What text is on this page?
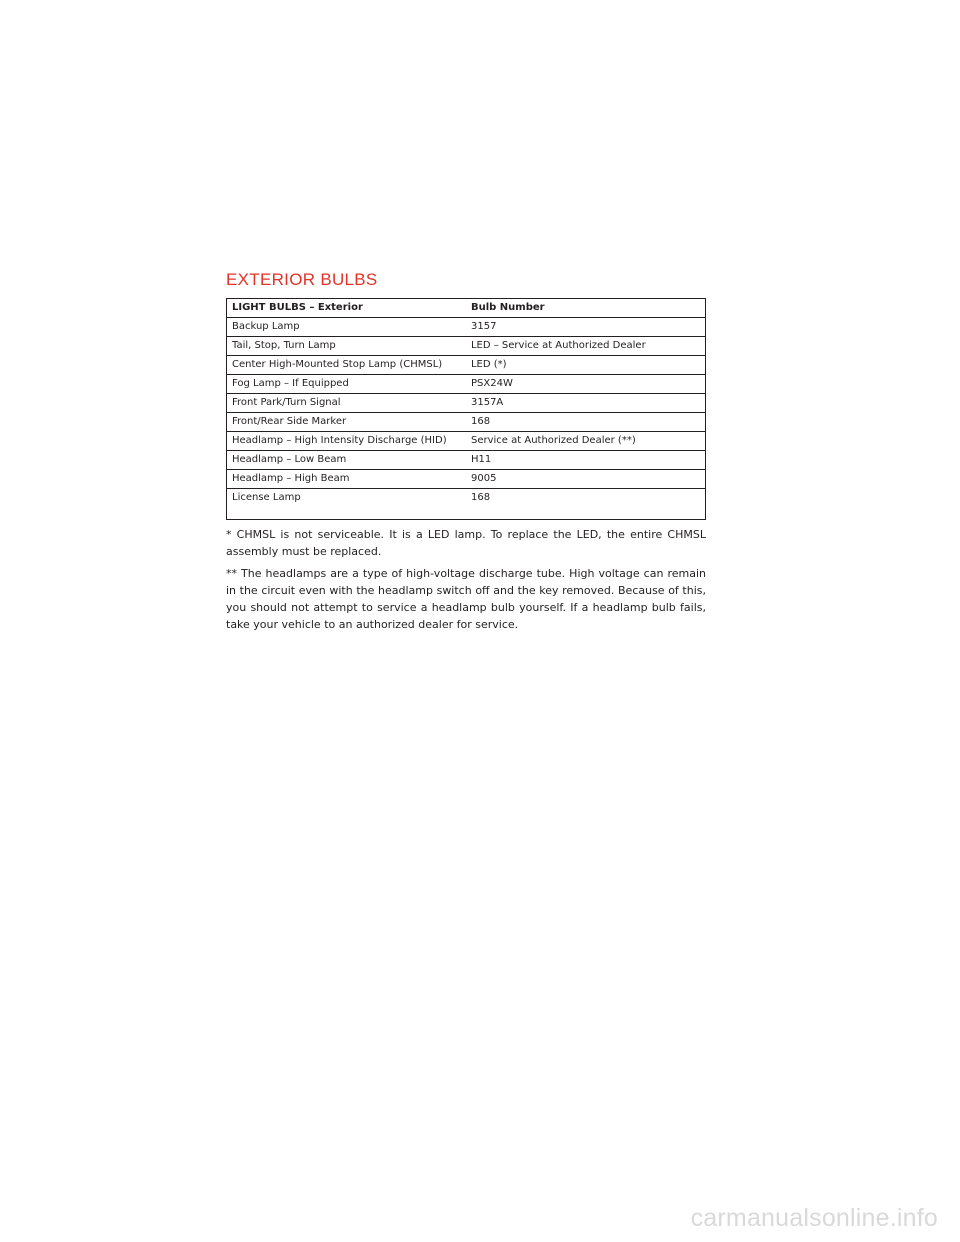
EXTERIOR BULBS
LIGHT BULBS – Exterior	Bulb Number
Backup Lamp	3157
Tail, Stop, Turn Lamp	LED – Service at Authorized Dealer
Center High-Mounted Stop Lamp (CHMSL)	LED (*)
Fog Lamp – If Equipped	PSX24W
Front Park/Turn Signal	3157A
Front/Rear Side Marker	168
Headlamp – High Intensity Discharge (HID)	Service at Authorized Dealer (**)
Headlamp – Low Beam	H11
Headlamp – High Beam	9005
License Lamp	168

* CHMSL is not serviceable. It is a LED lamp. To replace the LED, the entire CHMSL assembly must be replaced.

** The headlamps are a type of high-voltage discharge tube. High voltage can remain in the circuit even with the headlamp switch off and the key removed. Because of this, you should not attempt to service a headlamp bulb yourself. If a headlamp bulb fails, take your vehicle to an authorized dealer for service.

carmanualsonline.info
